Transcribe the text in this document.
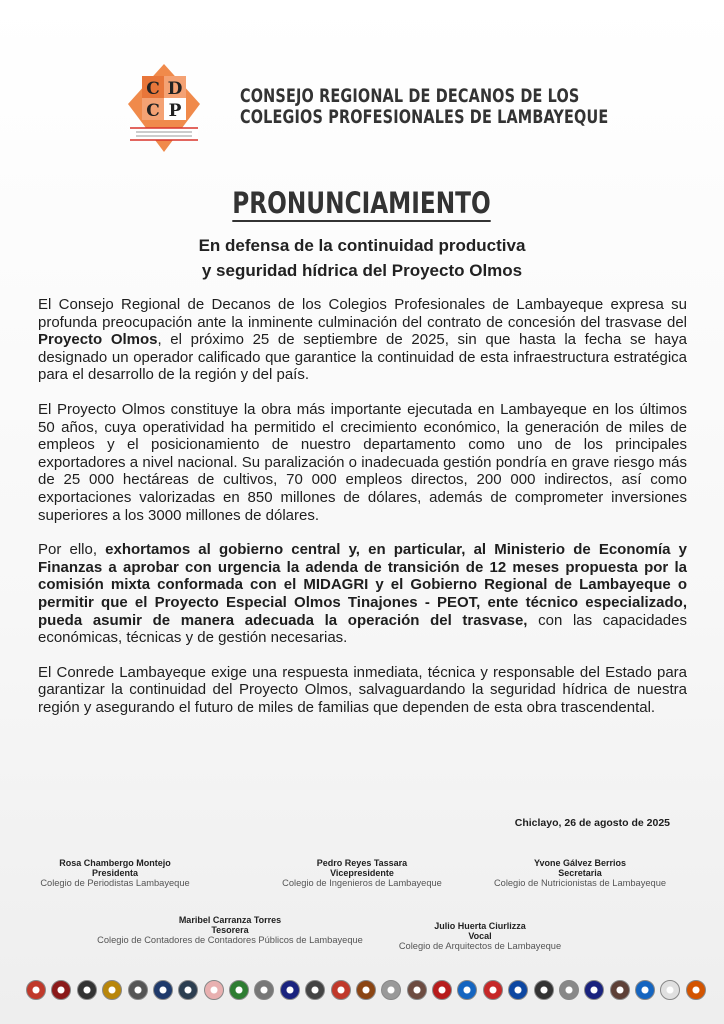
C D
C P
CONSEJO REGIONAL DE DECANOS DE LOS
COLEGIOS PROFESIONALES DE LAMBAYEQUE
PRONUNCIAMIENTO
En defensa de la continuidad productiva
y seguridad hídrica del Proyecto Olmos

El Consejo Regional de Decanos de los Colegios Profesionales de Lambayeque expresa su profunda preocupación ante la inminente culminación del contrato de concesión del trasvase del Proyecto Olmos, el próximo 25 de septiembre de 2025, sin que hasta la fecha se haya designado un operador calificado que garantice la continuidad de esta infraestructura estratégica para el desarrollo de la región y del país.

El Proyecto Olmos constituye la obra más importante ejecutada en Lambayeque en los últimos 50 años, cuya operatividad ha permitido el crecimiento económico, la generación de miles de empleos y el posicionamiento de nuestro departamento como uno de los principales exportadores a nivel nacional. Su paralización o inadecuada gestión pondría en grave riesgo más de 25 000 hectáreas de cultivos, 70 000 empleos directos, 200 000 indirectos, así como exportaciones valorizadas en 850 millones de dólares, además de comprometer inversiones superiores a los 3000 millones de dólares.

Por ello, exhortamos al gobierno central y, en particular, al Ministerio de Economía y Finanzas a aprobar con urgencia la adenda de transición de 12 meses propuesta por la comisión mixta conformada con el MIDAGRI y el Gobierno Regional de Lambayeque o permitir que el Proyecto Especial Olmos Tinajones - PEOT, ente técnico especializado, pueda asumir de manera adecuada la operación del trasvase, con las capacidades económicas, técnicas y de gestión necesarias.

El Conrede Lambayeque exige una respuesta inmediata, técnica y responsable del Estado para garantizar la continuidad del Proyecto Olmos, salvaguardando la seguridad hídrica de nuestra región y asegurando el futuro de miles de familias que dependen de esta obra trascendental.

Chiclayo, 26 de agosto de 2025
Rosa Chambergo Montejo
Presidenta
Colegio de Periodistas Lambayeque
Pedro Reyes Tassara
Vicepresidente
Colegio de Ingenieros de Lambayeque
Yvone Gálvez Berrios
Secretaria
Colegio de Nutricionistas de Lambayeque
Maribel Carranza Torres
Tesorera
Colegio de Contadores de Contadores Públicos de Lambayeque
Julio Huerta Ciurlizza
Vocal
Colegio de Arquitectos de Lambayeque
